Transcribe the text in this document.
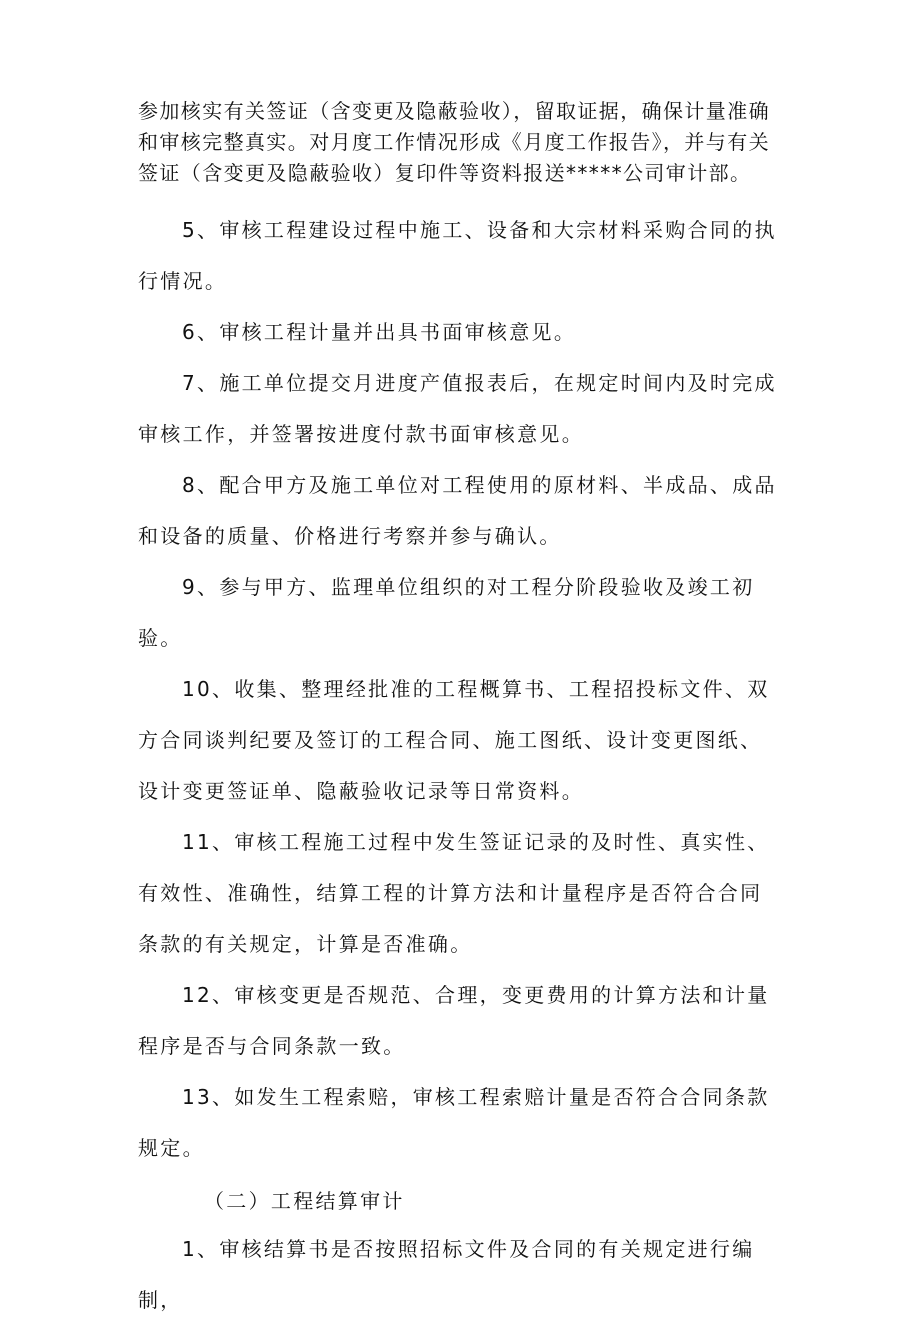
参加核实有关签证（含变更及隐蔽验收），留取证据，确保计量准确和审核完整真实。对月度工作情况形成《月度工作报告》，并与有关签证（含变更及隐蔽验收）复印件等资料报送*****公司审计部。

5、审核工程建设过程中施工、设备和大宗材料采购合同的执行情况。

6、审核工程计量并出具书面审核意见。

7、施工单位提交月进度产值报表后，在规定时间内及时完成审核工作，并签署按进度付款书面审核意见。

8、配合甲方及施工单位对工程使用的原材料、半成品、成品和设备的质量、价格进行考察并参与确认。

9、参与甲方、监理单位组织的对工程分阶段验收及竣工初验。

10、收集、整理经批准的工程概算书、工程招投标文件、双方合同谈判纪要及签订的工程合同、施工图纸、设计变更图纸、设计变更签证单、隐蔽验收记录等日常资料。

11、审核工程施工过程中发生签证记录的及时性、真实性、有效性、准确性，结算工程的计算方法和计量程序是否符合合同条款的有关规定，计算是否准确。

12、审核变更是否规范、合理，变更费用的计算方法和计量程序是否与合同条款一致。

13、如发生工程索赔，审核工程索赔计量是否符合合同条款规定。

（二）工程结算审计

1、审核结算书是否按照招标文件及合同的有关规定进行编制，
